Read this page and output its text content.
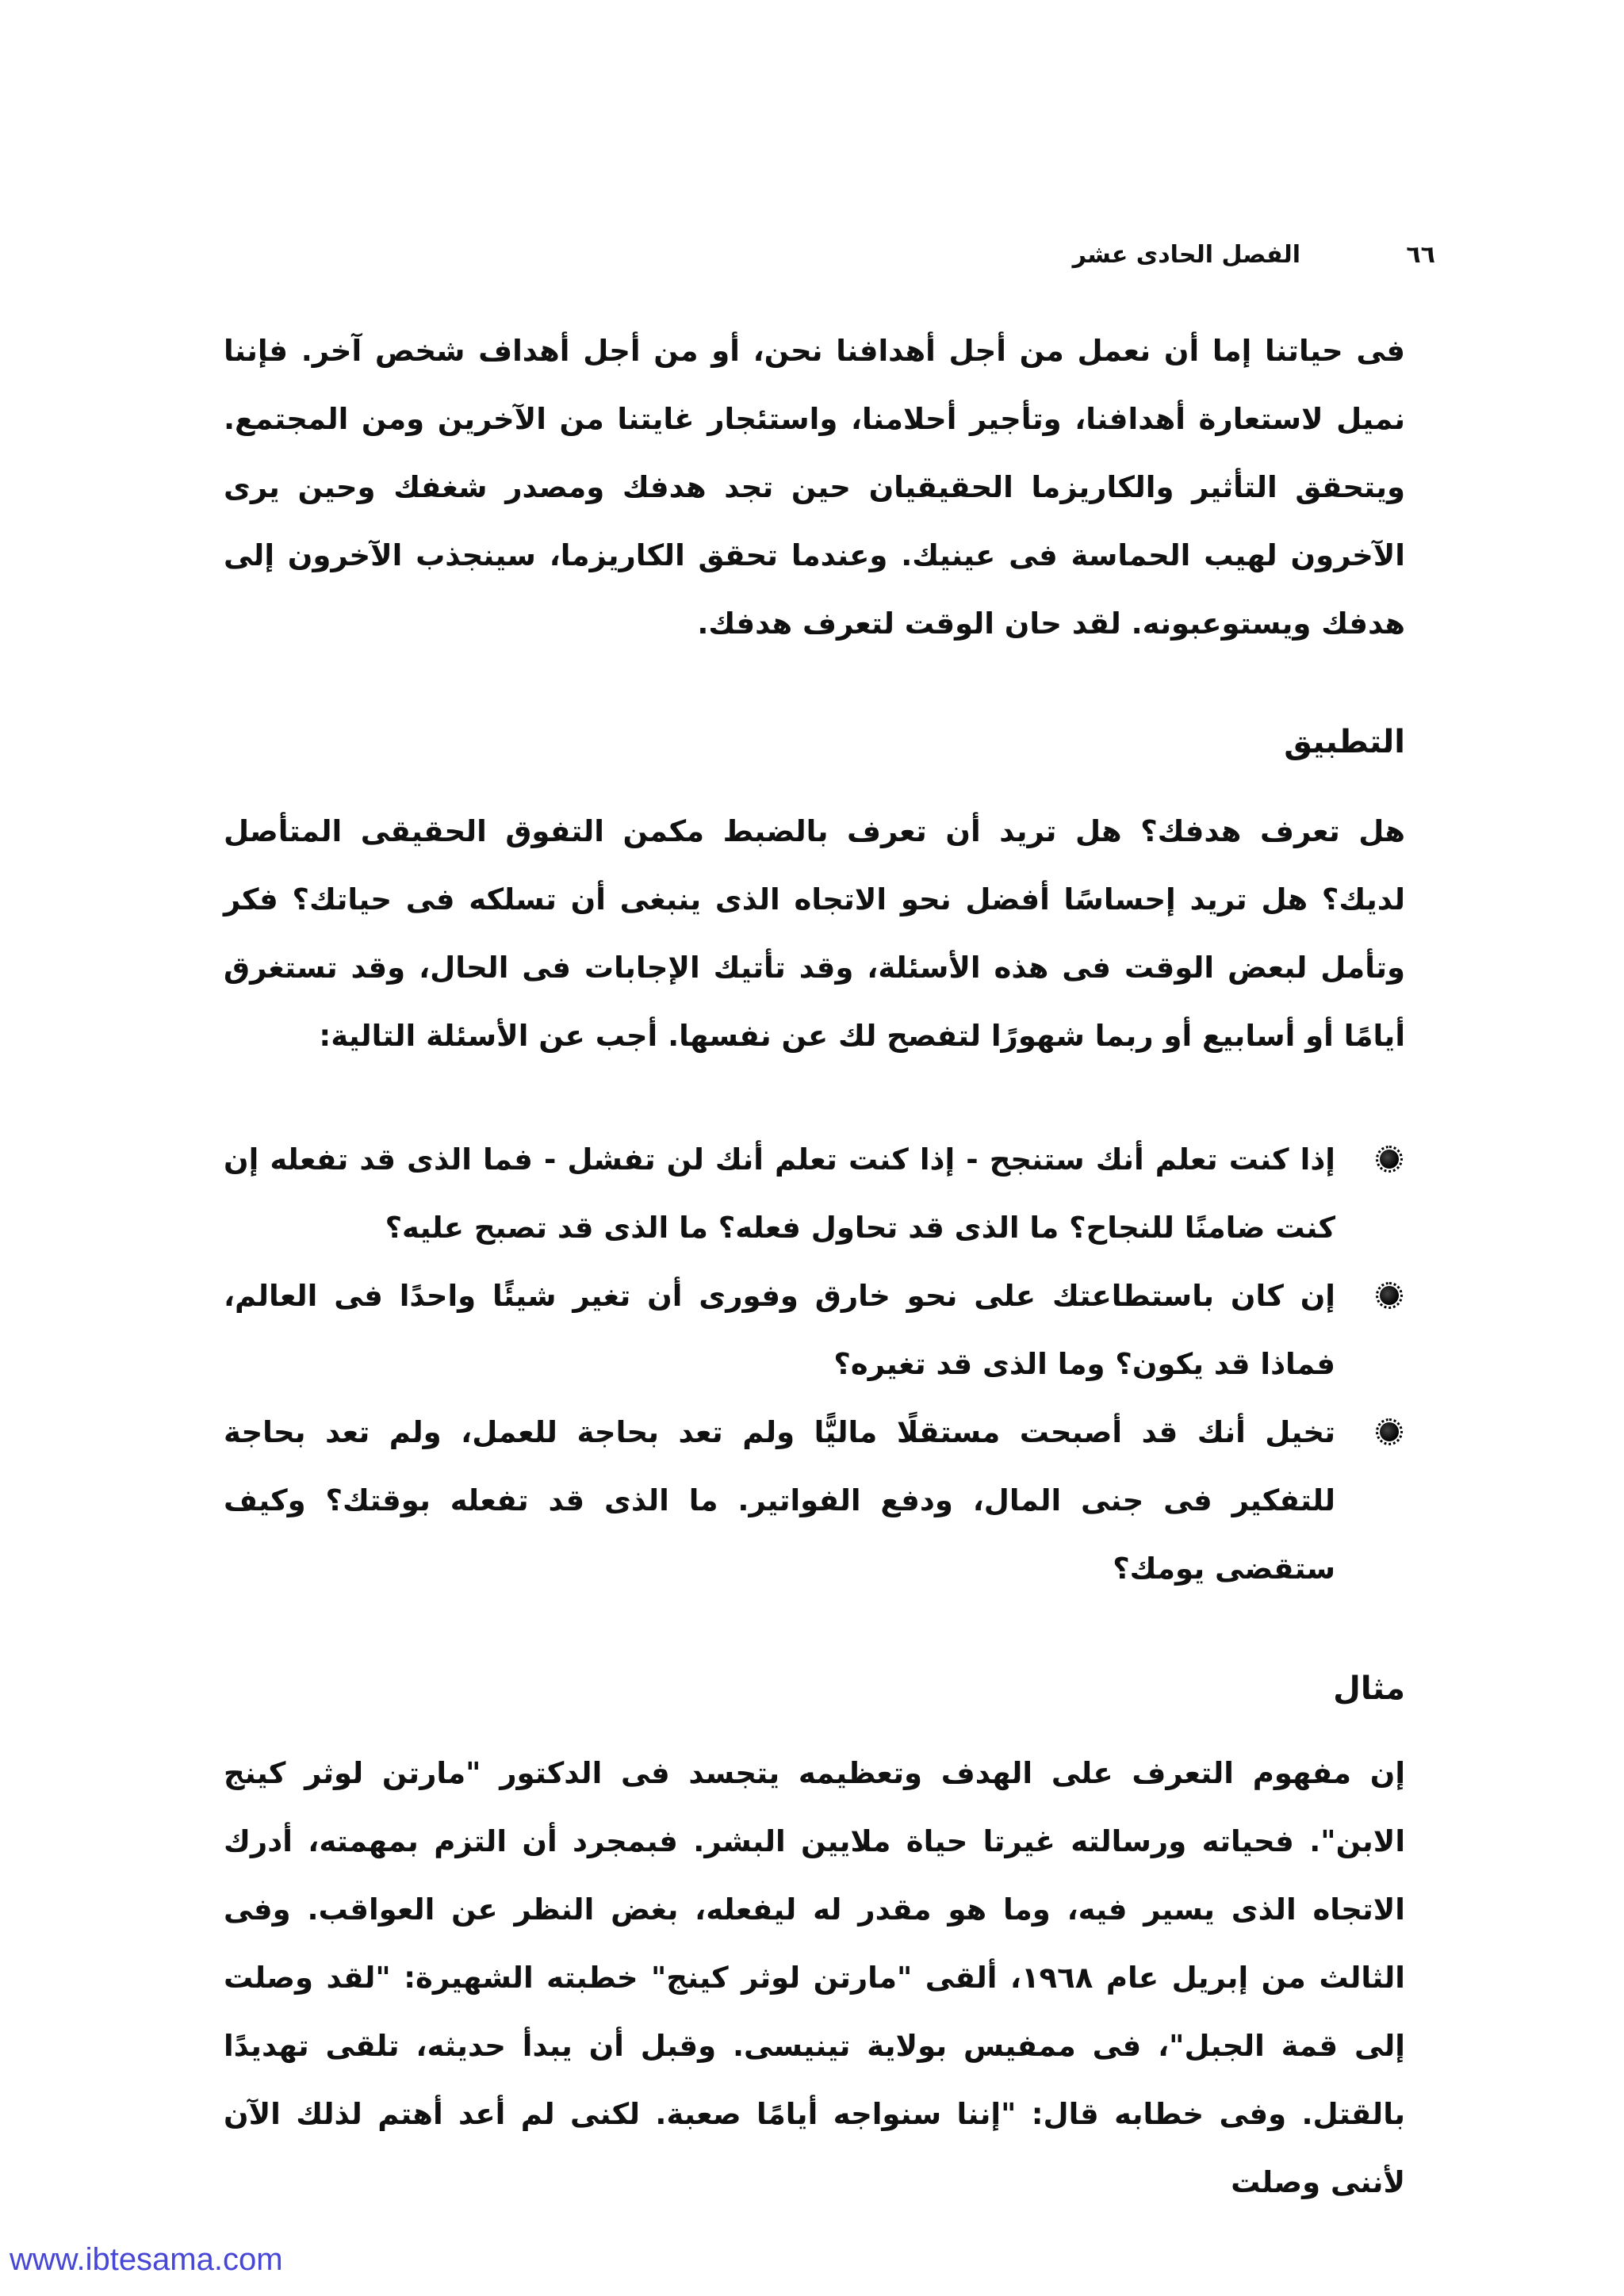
٦٦
الفصل الحادى عشر

فى حياتنا إما أن نعمل من أجل أهدافنا نحن، أو من أجل أهداف شخص آخر. فإننا نميل لاستعارة أهدافنا، وتأجير أحلامنا، واستئجار غايتنا من الآخرين ومن المجتمع. ويتحقق التأثير والكاريزما الحقيقيان حين تجد هدفك ومصدر شغفك وحين يرى الآخرون لهيب الحماسة فى عينيك. وعندما تحقق الكاريزما، سينجذب الآخرون إلى هدفك ويستوعبونه. لقد حان الوقت لتعرف هدفك.

التطبيق

هل تعرف هدفك؟ هل تريد أن تعرف بالضبط مكمن التفوق الحقيقى المتأصل لديك؟ هل تريد إحساسًا أفضل نحو الاتجاه الذى ينبغى أن تسلكه فى حياتك؟ فكر وتأمل لبعض الوقت فى هذه الأسئلة، وقد تأتيك الإجابات فى الحال، وقد تستغرق أيامًا أو أسابيع أو ربما شهورًا لتفصح لك عن نفسها. أجب عن الأسئلة التالية:

إذا كنت تعلم أنك ستنجح - إذا كنت تعلم أنك لن تفشل - فما الذى قد تفعله إن كنت ضامنًا للنجاح؟ ما الذى قد تحاول فعله؟ ما الذى قد تصبح عليه؟
إن كان باستطاعتك على نحو خارق وفورى أن تغير شيئًا واحدًا فى العالم، فماذا قد يكون؟ وما الذى قد تغيره؟
تخيل أنك قد أصبحت مستقلًا ماليًّا ولم تعد بحاجة للعمل، ولم تعد بحاجة للتفكير فى جنى المال، ودفع الفواتير. ما الذى قد تفعله بوقتك؟ وكيف ستقضى يومك؟
مثال

إن مفهوم التعرف على الهدف وتعظيمه يتجسد فى الدكتور "مارتن لوثر كينج الابن". فحياته ورسالته غيرتا حياة ملايين البشر. فبمجرد أن التزم بمهمته، أدرك الاتجاه الذى يسير فيه، وما هو مقدر له ليفعله، بغض النظر عن العواقب. وفى الثالث من إبريل عام ١٩٦٨، ألقى "مارتن لوثر كينج" خطبته الشهيرة: "لقد وصلت إلى قمة الجبل"، فى ممفيس بولاية تينيسى. وقبل أن يبدأ حديثه، تلقى تهديدًا بالقتل. وفى خطابه قال: "إننا سنواجه أيامًا صعبة. لكنى لم أعد أهتم لذلك الآن لأننى وصلت

www.ibtesama.com
